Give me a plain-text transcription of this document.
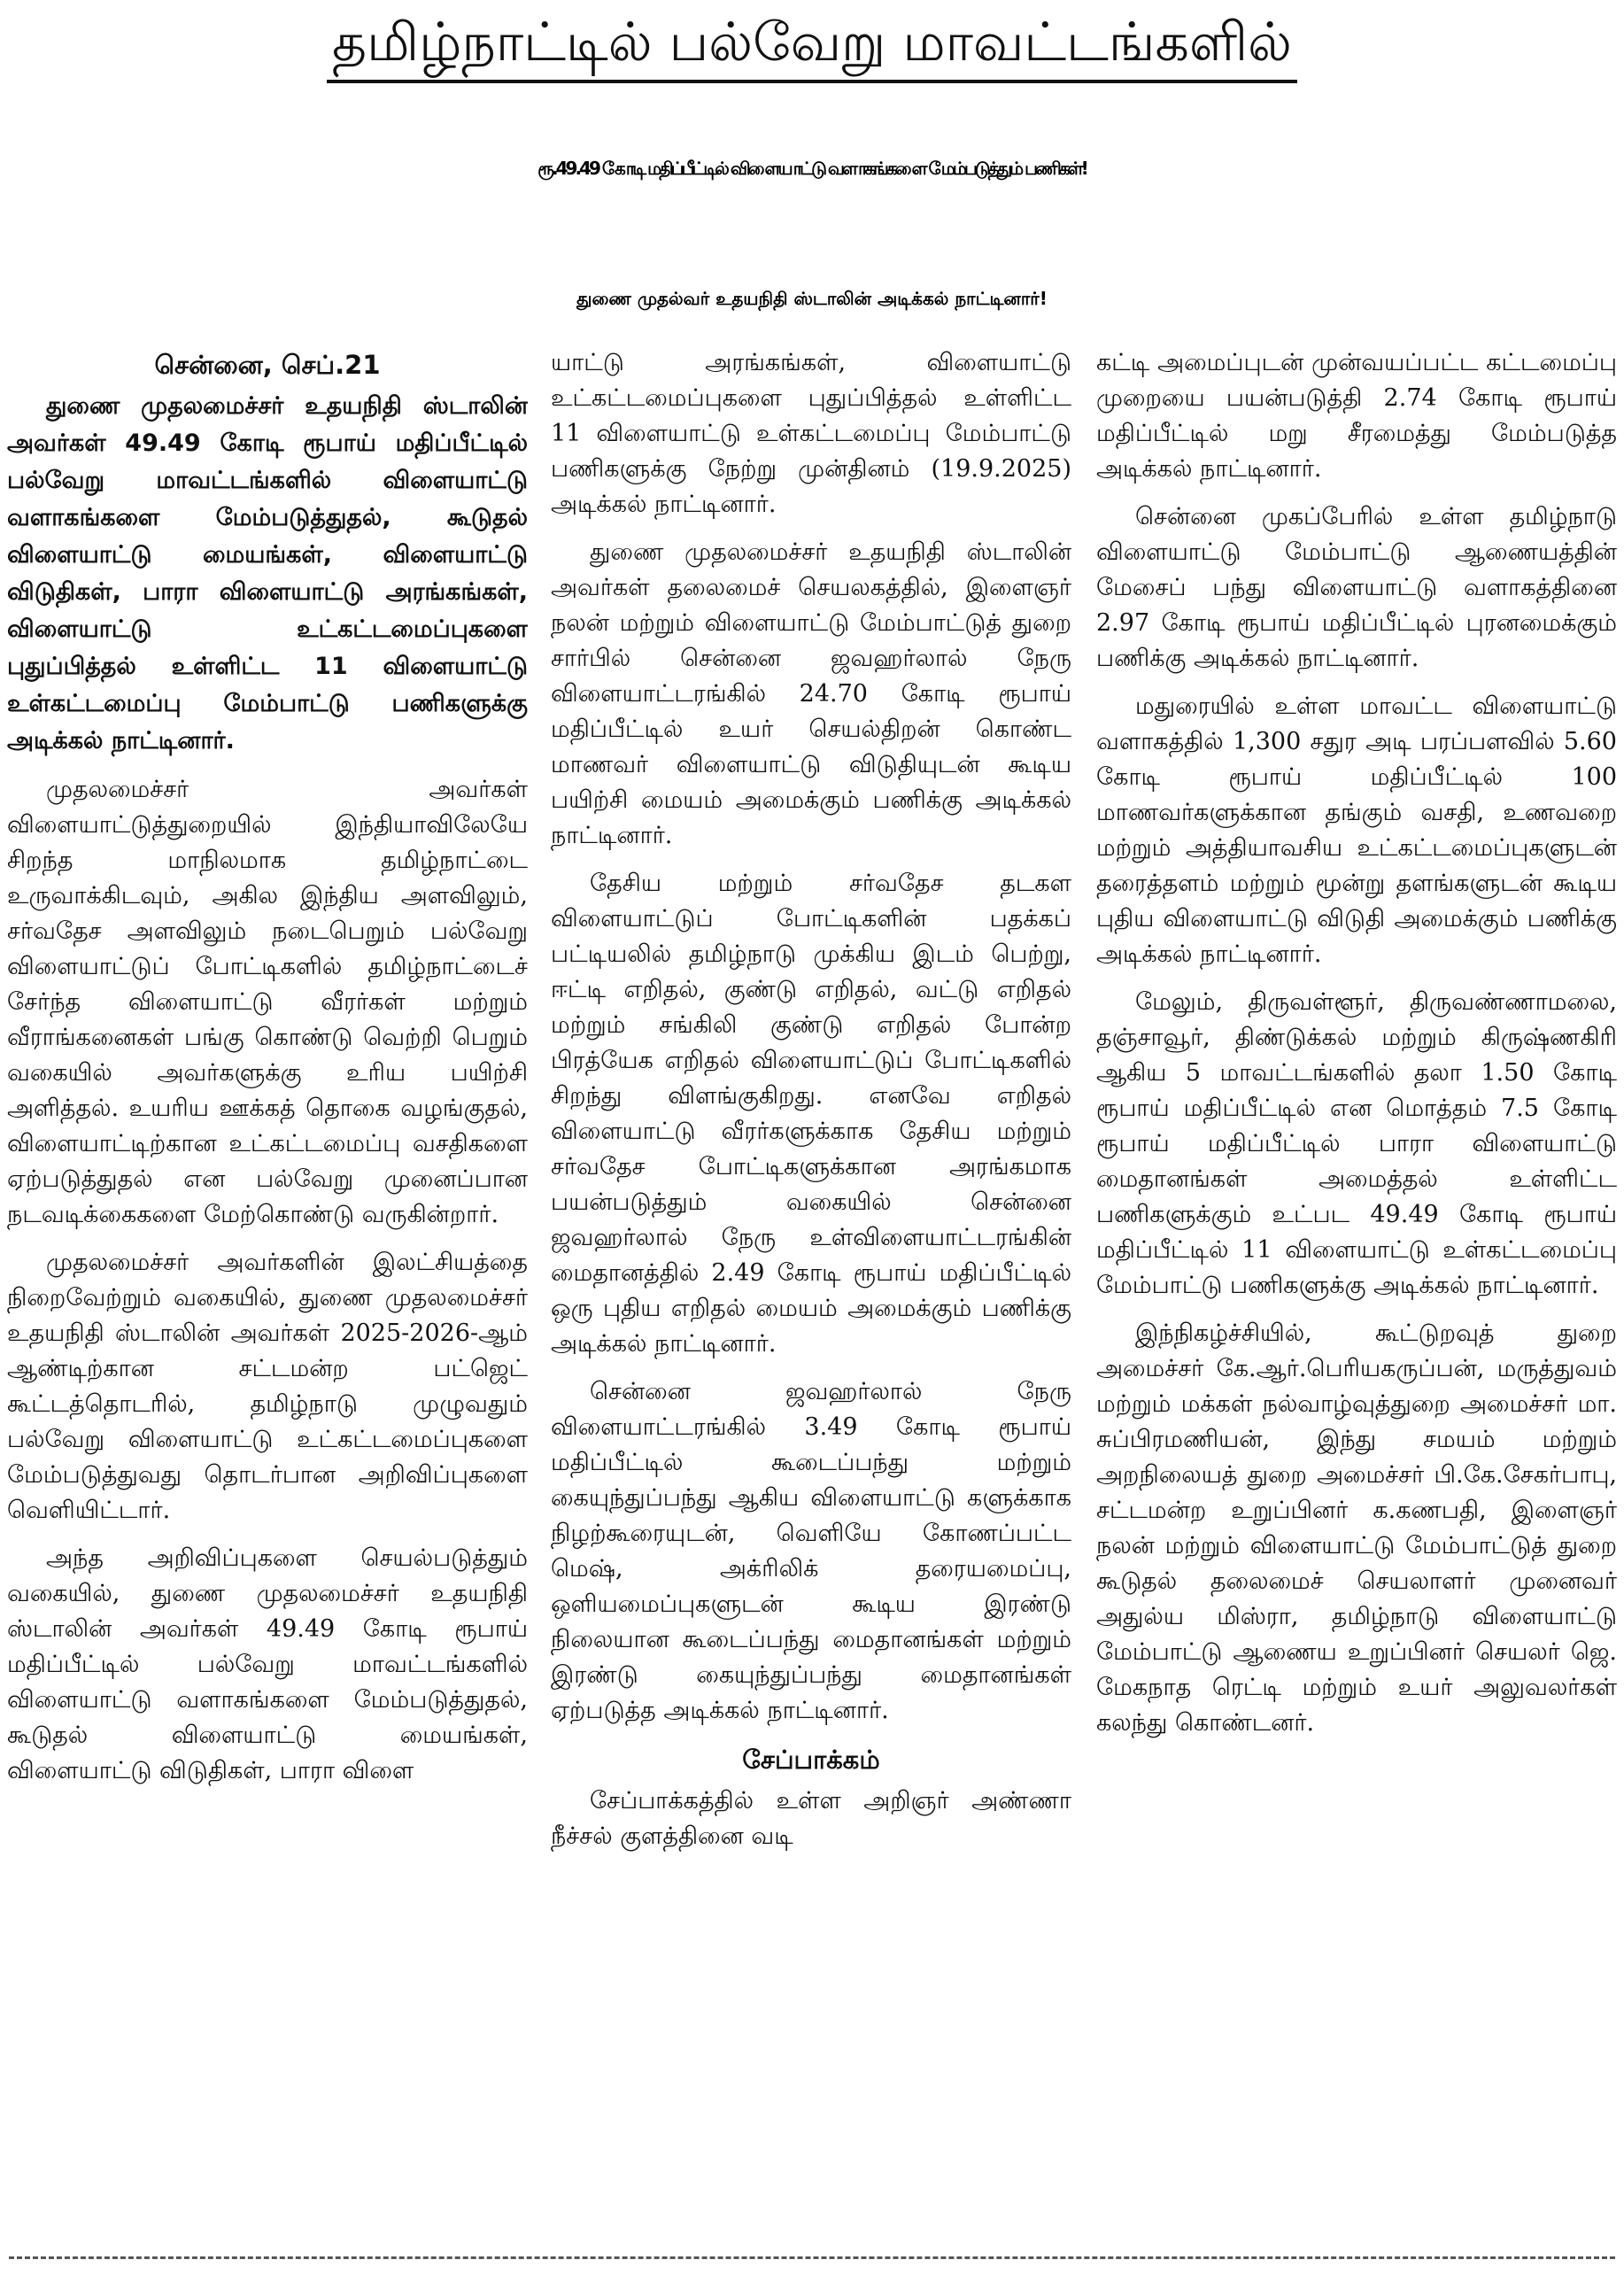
தமிழ்நாட்டில் பல்வேறு மாவட்டங்களில்
ரூ.49.49 கோடி மதிப்பீட்டில் விளையாட்டு வளாகங்களை மேம்படுத்தும் பணிகள்!
துணை முதல்வர் உதயநிதி ஸ்டாலின் அடிக்கல் நாட்டினார்!
சென்னை, செப்.21

துணை முதலமைச்சர் உதயநிதி ஸ்டாலின் அவர்கள் 49.49 கோடி ரூபாய் மதிப்பீட்டில் பல்வேறு மாவட்டங்களில் விளையாட்டு வளாகங்களை மேம்படுத்துதல், கூடுதல் விளையாட்டு மையங்கள், விளையாட்டு விடுதிகள், பாரா விளையாட்டு அரங்கங்கள், விளையாட்டு உட்கட்டமைப்புகளை புதுப்பித்தல் உள்ளிட்ட 11 விளையாட்டு உள்கட்டமைப்பு மேம்பாட்டு பணிகளுக்கு அடிக்கல் நாட்டினார்.

முதலமைச்சர் அவர்கள் விளையாட்டுத்துறையில் இந்தியாவிலேயே சிறந்த மாநிலமாக தமிழ்நாட்டை உருவாக்கிடவும், அகில இந்திய அளவிலும், சர்வதேச அளவிலும் நடைபெறும் பல்வேறு விளையாட்டுப் போட்டிகளில் தமிழ்நாட்டைச் சேர்ந்த விளையாட்டு வீரர்கள் மற்றும் வீராங்கனைகள் பங்கு கொண்டு வெற்றி பெறும் வகையில் அவர்களுக்கு உரிய பயிற்சி அளித்தல். உயரிய ஊக்கத் தொகை வழங்குதல், விளையாட்டிற்கான உட்கட்டமைப்பு வசதிகளை ஏற்படுத்துதல் என பல்வேறு முனைப்பான நடவடிக்கைகளை மேற்கொண்டு வருகின்றார்.

முதலமைச்சர் அவர்களின் இலட்சியத்தை நிறைவேற்றும் வகையில், துணை முதலமைச்சர் உதயநிதி ஸ்டாலின் அவர்கள் 2025-2026-ஆம் ஆண்டிற்கான சட்டமன்ற பட்ஜெட் கூட்டத்தொடரில், தமிழ்நாடு முழுவதும் பல்வேறு விளையாட்டு உட்கட்டமைப்புகளை மேம்படுத்துவது தொடர்பான அறிவிப்புகளை வெளியிட்டார்.

அந்த அறிவிப்புகளை செயல்படுத்தும் வகையில், துணை முதலமைச்சர் உதயநிதி ஸ்டாலின் அவர்கள் 49.49 கோடி ரூபாய் மதிப்பீட்டில் பல்வேறு மாவட்டங்களில் விளையாட்டு வளாகங்களை மேம்படுத்துதல், கூடுதல் விளையாட்டு மையங்கள், விளையாட்டு விடுதிகள், பாரா விளை

யாட்டு அரங்கங்கள், விளையாட்டு உட்கட்டமைப்புகளை புதுப்பித்தல் உள்ளிட்ட 11 விளையாட்டு உள்கட்டமைப்பு மேம்பாட்டு பணிகளுக்கு நேற்று முன்தினம் (19.9.2025) அடிக்கல் நாட்டினார்.

துணை முதலமைச்சர் உதயநிதி ஸ்டாலின் அவர்கள் தலைமைச் செயலகத்தில், இளைஞர் நலன் மற்றும் விளையாட்டு மேம்பாட்டுத் துறை சார்பில் சென்னை ஜவஹர்லால் நேரு விளையாட்டரங்கில் 24.70 கோடி ரூபாய் மதிப்பீட்டில் உயர் செயல்திறன் கொண்ட மாணவர் விளையாட்டு விடுதியுடன் கூடிய பயிற்சி மையம் அமைக்கும் பணிக்கு அடிக்கல் நாட்டினார்.

தேசிய மற்றும் சர்வதேச தடகள விளையாட்டுப் போட்டிகளின் பதக்கப் பட்டியலில் தமிழ்நாடு முக்கிய இடம் பெற்று, ஈட்டி எறிதல், குண்டு எறிதல், வட்டு எறிதல் மற்றும் சங்கிலி குண்டு எறிதல் போன்ற பிரத்யேக எறிதல் விளையாட்டுப் போட்டிகளில் சிறந்து விளங்குகிறது. எனவே எறிதல் விளையாட்டு வீரர்களுக்காக தேசிய மற்றும் சர்வதேச போட்டிகளுக்கான அரங்கமாக பயன்படுத்தும் வகையில் சென்னை ஜவஹர்லால் நேரு உள்விளையாட்டரங்கின் மைதானத்தில் 2.49 கோடி ரூபாய் மதிப்பீட்டில் ஒரு புதிய எறிதல் மையம் அமைக்கும் பணிக்கு அடிக்கல் நாட்டினார்.

சென்னை ஜவஹர்லால் நேரு விளையாட்டரங்கில் 3.49 கோடி ரூபாய் மதிப்பீட்டில் கூடைப்பந்து மற்றும் கையுந்துப்பந்து ஆகிய விளையாட்டு களுக்காக நிழற்கூரையுடன், வெளியே கோணப்பட்ட மெஷ், அக்ரிலிக் தரையமைப்பு, ஒளியமைப்புகளுடன் கூடிய இரண்டு நிலையான கூடைப்பந்து மைதானங்கள் மற்றும் இரண்டு கையுந்துப்பந்து மைதானங்கள் ஏற்படுத்த அடிக்கல் நாட்டினார்.

சேப்பாக்கம்

சேப்பாக்கத்தில் உள்ள அறிஞர் அண்ணா நீச்சல் குளத்தினை வடி

கட்டி அமைப்புடன் முன்வயப்பட்ட கட்டமைப்பு முறையை பயன்படுத்தி 2.74 கோடி ரூபாய் மதிப்பீட்டில் மறு சீரமைத்து மேம்படுத்த அடிக்கல் நாட்டினார்.

சென்னை முகப்பேரில் உள்ள தமிழ்நாடு விளையாட்டு மேம்பாட்டு ஆணையத்தின் மேசைப் பந்து விளையாட்டு வளாகத்தினை 2.97 கோடி ரூபாய் மதிப்பீட்டில் புரனமைக்கும் பணிக்கு அடிக்கல் நாட்டினார்.

மதுரையில் உள்ள மாவட்ட விளையாட்டு வளாகத்தில் 1,300 சதுர அடி பரப்பளவில் 5.60 கோடி ரூபாய் மதிப்பீட்டில் 100 மாணவர்களுக்கான தங்கும் வசதி, உணவறை மற்றும் அத்தியாவசிய உட்கட்டமைப்புகளுடன் தரைத்தளம் மற்றும் மூன்று தளங்களுடன் கூடிய புதிய விளையாட்டு விடுதி அமைக்கும் பணிக்கு அடிக்கல் நாட்டினார்.

மேலும், திருவள்ளூர், திருவண்ணாமலை, தஞ்சாவூர், திண்டுக்கல் மற்றும் கிருஷ்ணகிரி ஆகிய 5 மாவட்டங்களில் தலா 1.50 கோடி ரூபாய் மதிப்பீட்டில் என மொத்தம் 7.5 கோடி ரூபாய் மதிப்பீட்டில் பாரா விளையாட்டு மைதானங்கள் அமைத்தல் உள்ளிட்ட பணிகளுக்கும் உட்பட 49.49 கோடி ரூபாய் மதிப்பீட்டில் 11 விளையாட்டு உள்கட்டமைப்பு மேம்பாட்டு பணிகளுக்கு அடிக்கல் நாட்டினார்.

இந்நிகழ்ச்சியில், கூட்டுறவுத் துறை அமைச்சர் கே.ஆர்.பெரியகருப்பன், மருத்துவம் மற்றும் மக்கள் நல்வாழ்வுத்துறை அமைச்சர் மா. சுப்பிரமணியன், இந்து சமயம் மற்றும் அறநிலையத் துறை அமைச்சர் பி.கே.சேகர்பாபு, சட்டமன்ற உறுப்பினர் க.கணபதி, இளைஞர் நலன் மற்றும் விளையாட்டு மேம்பாட்டுத் துறை கூடுதல் தலைமைச் செயலாளர் முனைவர் அதுல்ய மிஸ்ரா, தமிழ்நாடு விளையாட்டு மேம்பாட்டு ஆணைய உறுப்பினர் செயலர் ஜெ. மேகநாத ரெட்டி மற்றும் உயர் அலுவலர்கள் கலந்து கொண்டனர்.
